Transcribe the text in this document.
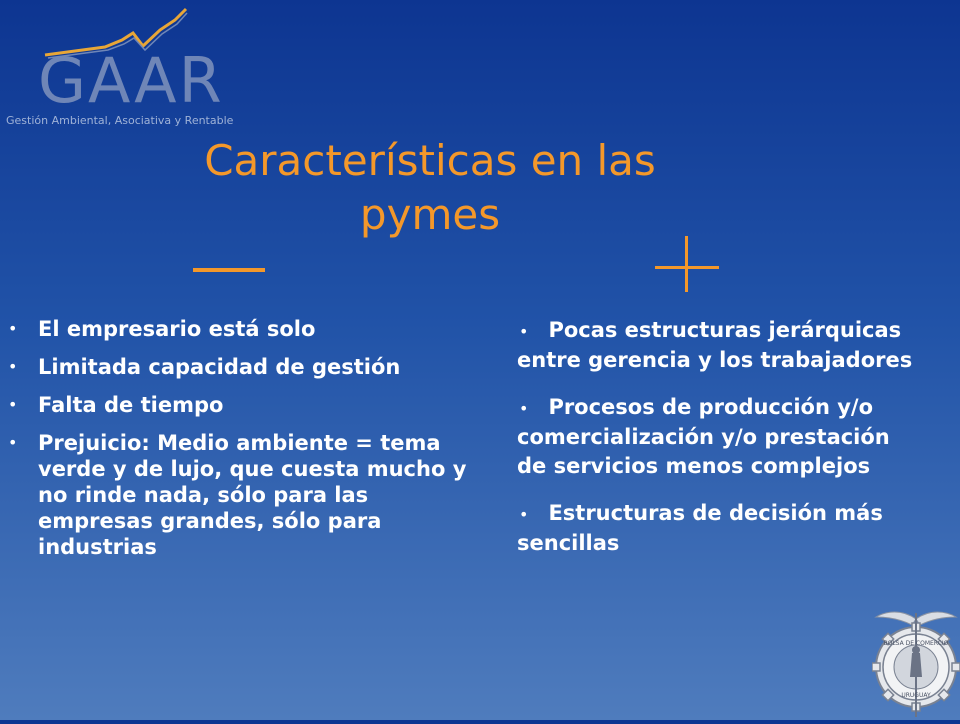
GAAR
Gestión Ambiental, Asociativa y Rentable
Características en las
pymes
• El empresario está solo
• Limitada capacidad de gestión
• Falta de tiempo
• Prejuicio: Medio ambiente = tema verde y de lujo, que cuesta mucho y no rinde nada, sólo para las empresas grandes, sólo para industrias
• Pocas estructuras jerárquicas entre gerencia y los trabajadores
• Procesos de producción y/o comercialización y/o prestación de servicios menos complejos
• Estructuras de decisión más sencillas
BOLSA DE COMERCIO
URUGUAY
